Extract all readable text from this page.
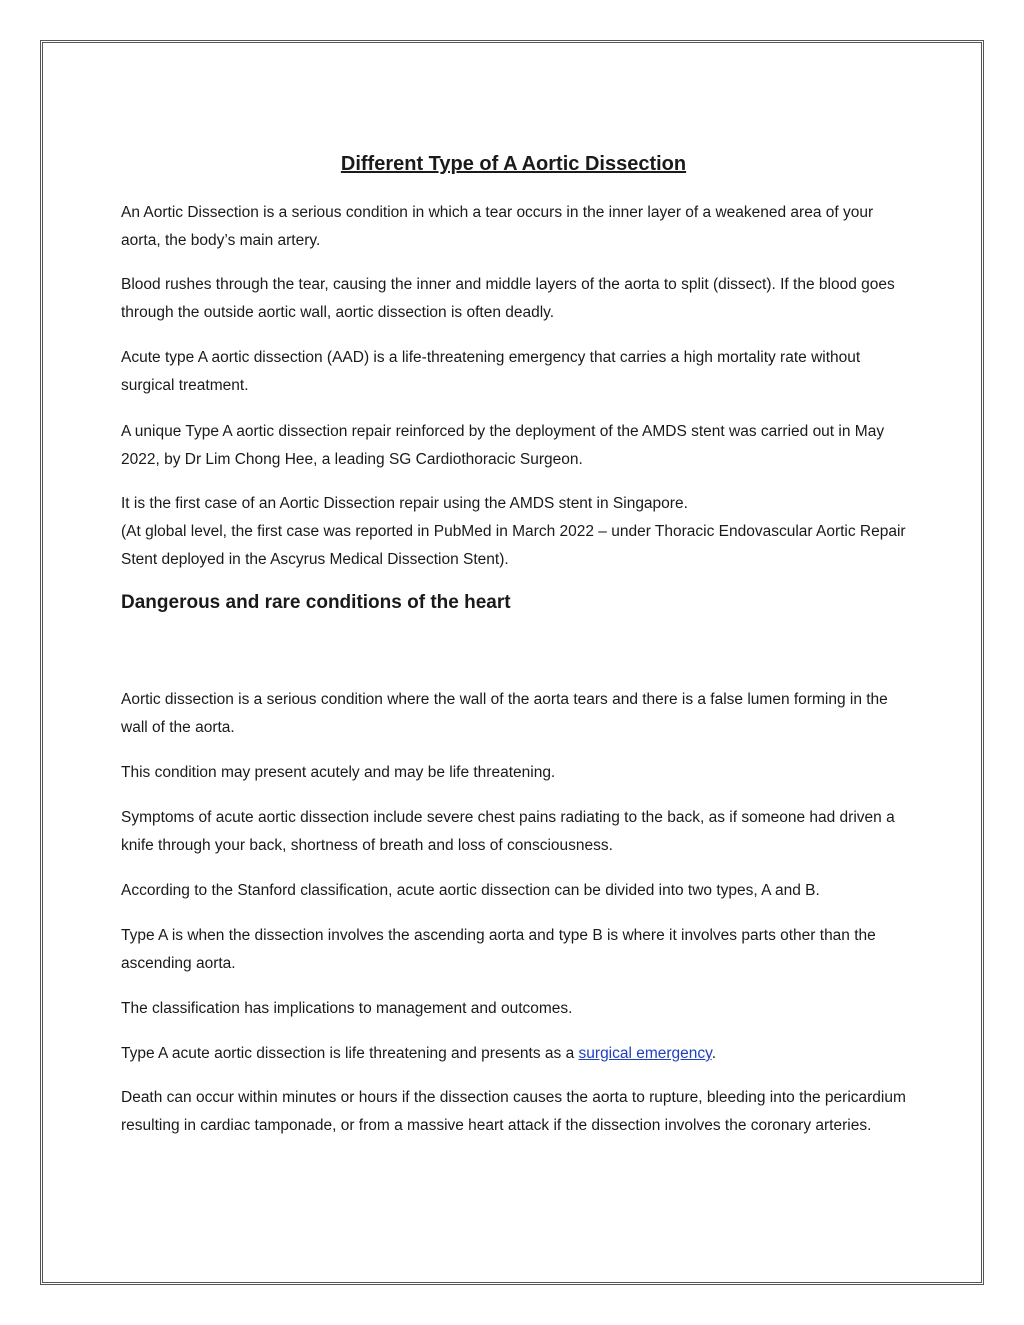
Different Type of A Aortic Dissection

An Aortic Dissection is a serious condition in which a tear occurs in the inner layer of a weakened area of your aorta, the body’s main artery.

Blood rushes through the tear, causing the inner and middle layers of the aorta to split (dissect). If the blood goes through the outside aortic wall, aortic dissection is often deadly.

Acute type A aortic dissection (AAD) is a life-threatening emergency that carries a high mortality rate without surgical treatment.

A unique Type A aortic dissection repair reinforced by the deployment of the AMDS stent was carried out in May 2022, by Dr Lim Chong Hee, a leading SG Cardiothoracic Surgeon.

It is the first case of an Aortic Dissection repair using the AMDS stent in Singapore.

(At global level, the first case was reported in PubMed in March 2022 – under Thoracic Endovascular Aortic Repair Stent deployed in the Ascyrus Medical Dissection Stent).

Dangerous and rare conditions of the heart

Aortic dissection is a serious condition where the wall of the aorta tears and there is a false lumen forming in the wall of the aorta.

This condition may present acutely and may be life threatening.

Symptoms of acute aortic dissection include severe chest pains radiating to the back, as if someone had driven a knife through your back, shortness of breath and loss of consciousness.

According to the Stanford classification, acute aortic dissection can be divided into two types, A and B.

Type A is when the dissection involves the ascending aorta and type B is where it involves parts other than the ascending aorta.

The classification has implications to management and outcomes.

Type A acute aortic dissection is life threatening and presents as a surgical emergency.

Death can occur within minutes or hours if the dissection causes the aorta to rupture, bleeding into the pericardium resulting in cardiac tamponade, or from a massive heart attack if the dissection involves the coronary arteries.
